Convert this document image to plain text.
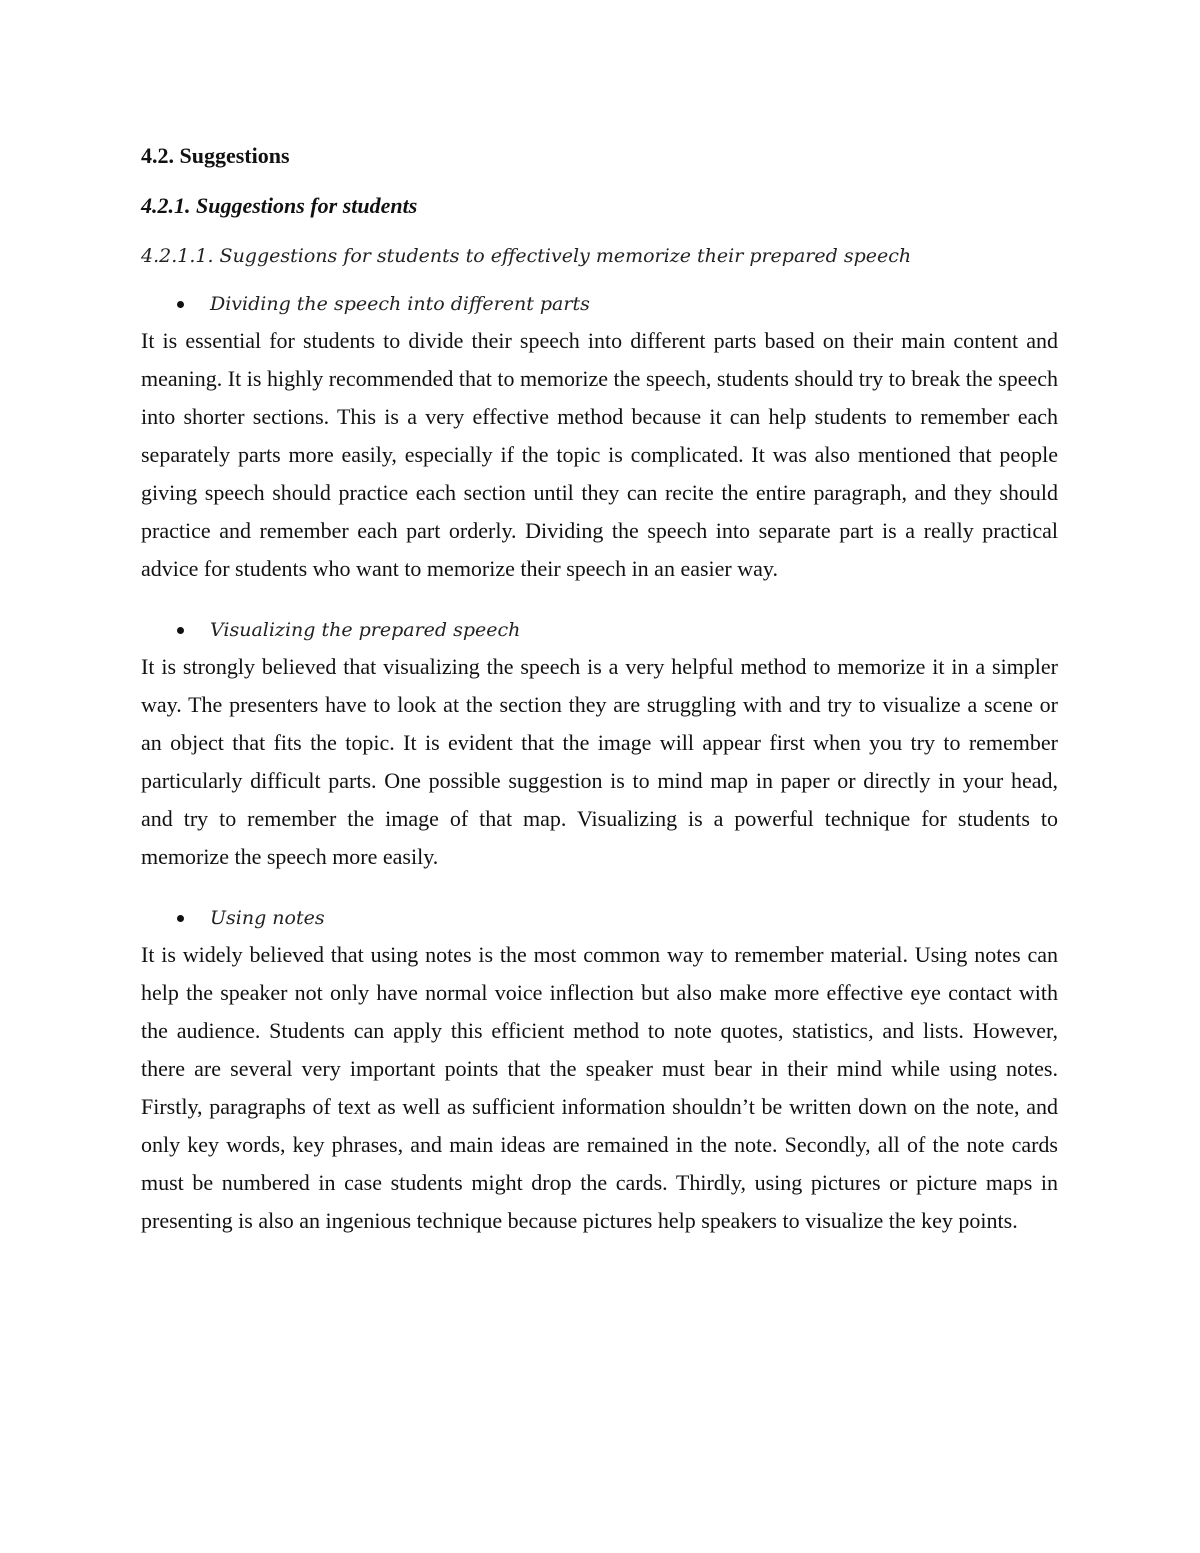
4.2. Suggestions
4.2.1. Suggestions for students
4.2.1.1. Suggestions for students to effectively memorize their prepared speech
Dividing the speech into different parts
It is essential for students to divide their speech into different parts based on their main content and meaning. It is highly recommended that to memorize the speech, students should try to break the speech into shorter sections. This is a very effective method because it can help students to remember each separately parts more easily, especially if the topic is complicated. It was also mentioned that people giving speech should practice each section until they can recite the entire paragraph, and they should practice and remember each part orderly. Dividing the speech into separate part is a really practical advice for students who want to memorize their speech in an easier way.
Visualizing the prepared speech
It is strongly believed that visualizing the speech is a very helpful method to memorize it in a simpler way. The presenters have to look at the section they are struggling with and try to visualize a scene or an object that fits the topic. It is evident that the image will appear first when you try to remember particularly difficult parts. One possible suggestion is to mind map in paper or directly in your head, and try to remember the image of that map. Visualizing is a powerful technique for students to memorize the speech more easily.
Using notes
It is widely believed that using notes is the most common way to remember material. Using notes can help the speaker not only have normal voice inflection but also make more effective eye contact with the audience. Students can apply this efficient method to note quotes, statistics, and lists. However, there are several very important points that the speaker must bear in their mind while using notes. Firstly, paragraphs of text as well as sufficient information shouldn’t be written down on the note, and only key words, key phrases, and main ideas are remained in the note. Secondly, all of the note cards must be numbered in case students might drop the cards. Thirdly, using pictures or picture maps in presenting is also an ingenious technique because pictures help speakers to visualize the key points.
